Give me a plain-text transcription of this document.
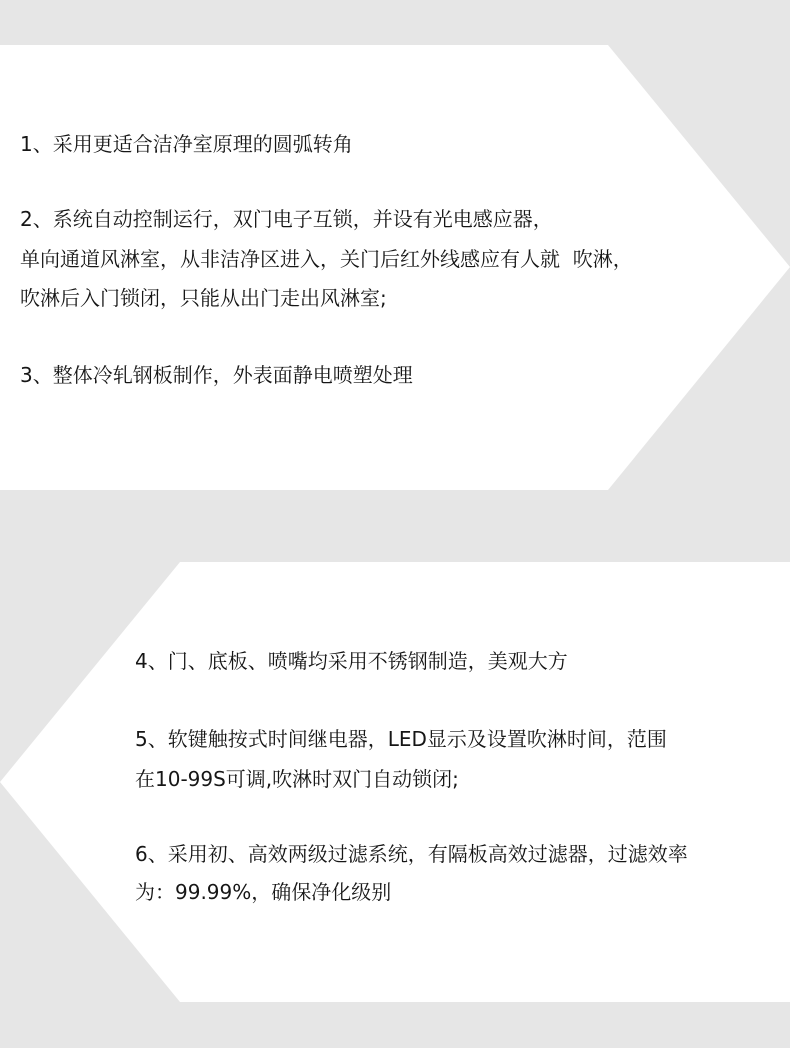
1、采用更适合洁净室原理的圆弧转角

2、系统自动控制运行，双门电子互锁，并设有光电感应器，

单向通道风淋室，从非洁净区进入，关门后红外线感应有人就  吹淋，

吹淋后入门锁闭，只能从出门走出风淋室;

3、整体冷轧钢板制作，外表面静电喷塑处理

4、门、底板、喷嘴均采用不锈钢制造，美观大方

5、软键触按式时间继电器，LED显示及设置吹淋时间，范围

在10-99S可调,吹淋时双门自动锁闭;

6、采用初、高效两级过滤系统，有隔板高效过滤器，过滤效率

为：99.99%，确保净化级别
